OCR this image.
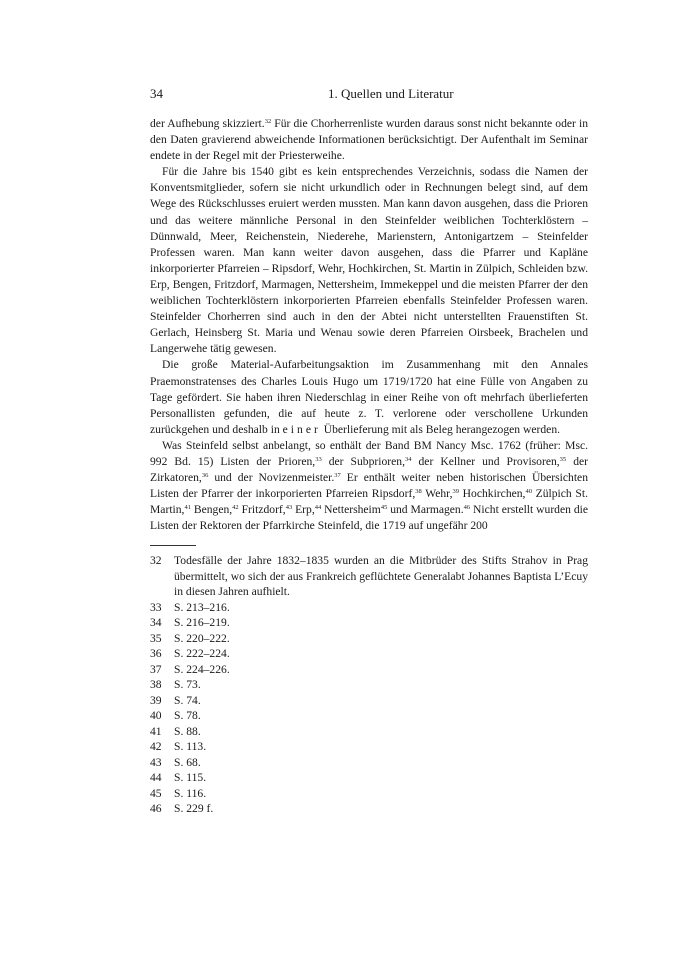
34	1. Quellen und Literatur

der Aufhebung skizziert.$^{32}$ Für die Chorherrenliste wurden daraus sonst nicht bekannte oder in den Daten gravierend abweichende Informationen berücksichtigt. Der Aufenthalt im Seminar endete in der Regel mit der Priesterweihe.

Für die Jahre bis 1540 gibt es kein entsprechendes Verzeichnis, sodass die Namen der Konventsmitglieder, sofern sie nicht urkundlich oder in Rechnungen belegt sind, auf dem Wege des Rückschlusses eruiert werden mussten. Man kann davon ausgehen, dass die Prioren und das weitere männliche Personal in den Steinfelder weiblichen Tochterklöstern – Dünnwald, Meer, Reichenstein, Niederehe, Marienstern, Antonigartzem – Steinfelder Professen waren. Man kann weiter davon ausgehen, dass die Pfarrer und Kapläne inkorporierter Pfarreien – Ripsdorf, Wehr, Hochkirchen, St. Martin in Zülpich, Schleiden bzw. Erp, Bengen, Fritzdorf, Marmagen, Nettersheim, Immekeppel und die meisten Pfarrer der den weiblichen Tochterklöstern inkorporierten Pfarreien ebenfalls Steinfelder Professen waren. Steinfelder Chorherren sind auch in den der Abtei nicht unterstellten Frauenstiften St. Gerlach, Heinsberg St. Maria und Wenau sowie deren Pfarreien Oirsbeek, Brachelen und Langerwehe tätig gewesen.

Die große Material-Aufarbeitungsaktion im Zusammenhang mit den Annales Praemonstratenses des Charles Louis Hugo um 1719/1720 hat eine Fülle von Angaben zu Tage gefördert. Sie haben ihren Niederschlag in einer Reihe von oft mehrfach überlieferten Personallisten gefunden, die auf heute z. T. verlorene oder verschollene Urkunden zurückgehen und deshalb in einer Überlieferung mit als Beleg herangezogen werden.

Was Steinfeld selbst anbelangt, so enthält der Band BM Nancy Msc. 1762 (früher: Msc. 992 Bd. 15) Listen der Prioren,$^{33}$ der Subprioren,$^{34}$ der Kellner und Provisoren,$^{35}$ der Zirkatoren,$^{36}$ und der Novizenmeister.$^{37}$ Er enthält weiter neben historischen Übersichten Listen der Pfarrer der inkorporierten Pfarreien Ripsdorf,$^{38}$ Wehr,$^{39}$ Hochkirchen,$^{40}$ Zülpich St. Martin,$^{41}$ Bengen,$^{42}$ Fritzdorf,$^{43}$ Erp,$^{44}$ Nettersheim$^{45}$ und Marmagen.$^{46}$ Nicht erstellt wurden die Listen der Rektoren der Pfarrkirche Steinfeld, die 1719 auf ungefähr 200

32 Todesfälle der Jahre 1832–1835 wurden an die Mitbrüder des Stifts Strahov in Prag übermittelt, wo sich der aus Frankreich geflüchtete Generalabt Johannes Baptista L’Ecuy in diesen Jahren aufhielt.
33 S. 213–216.
34 S. 216–219.
35 S. 220–222.
36 S. 222–224.
37 S. 224–226.
38 S. 73.
39 S. 74.
40 S. 78.
41 S. 88.
42 S. 113.
43 S. 68.
44 S. 115.
45 S. 116.
46 S. 229 f.
